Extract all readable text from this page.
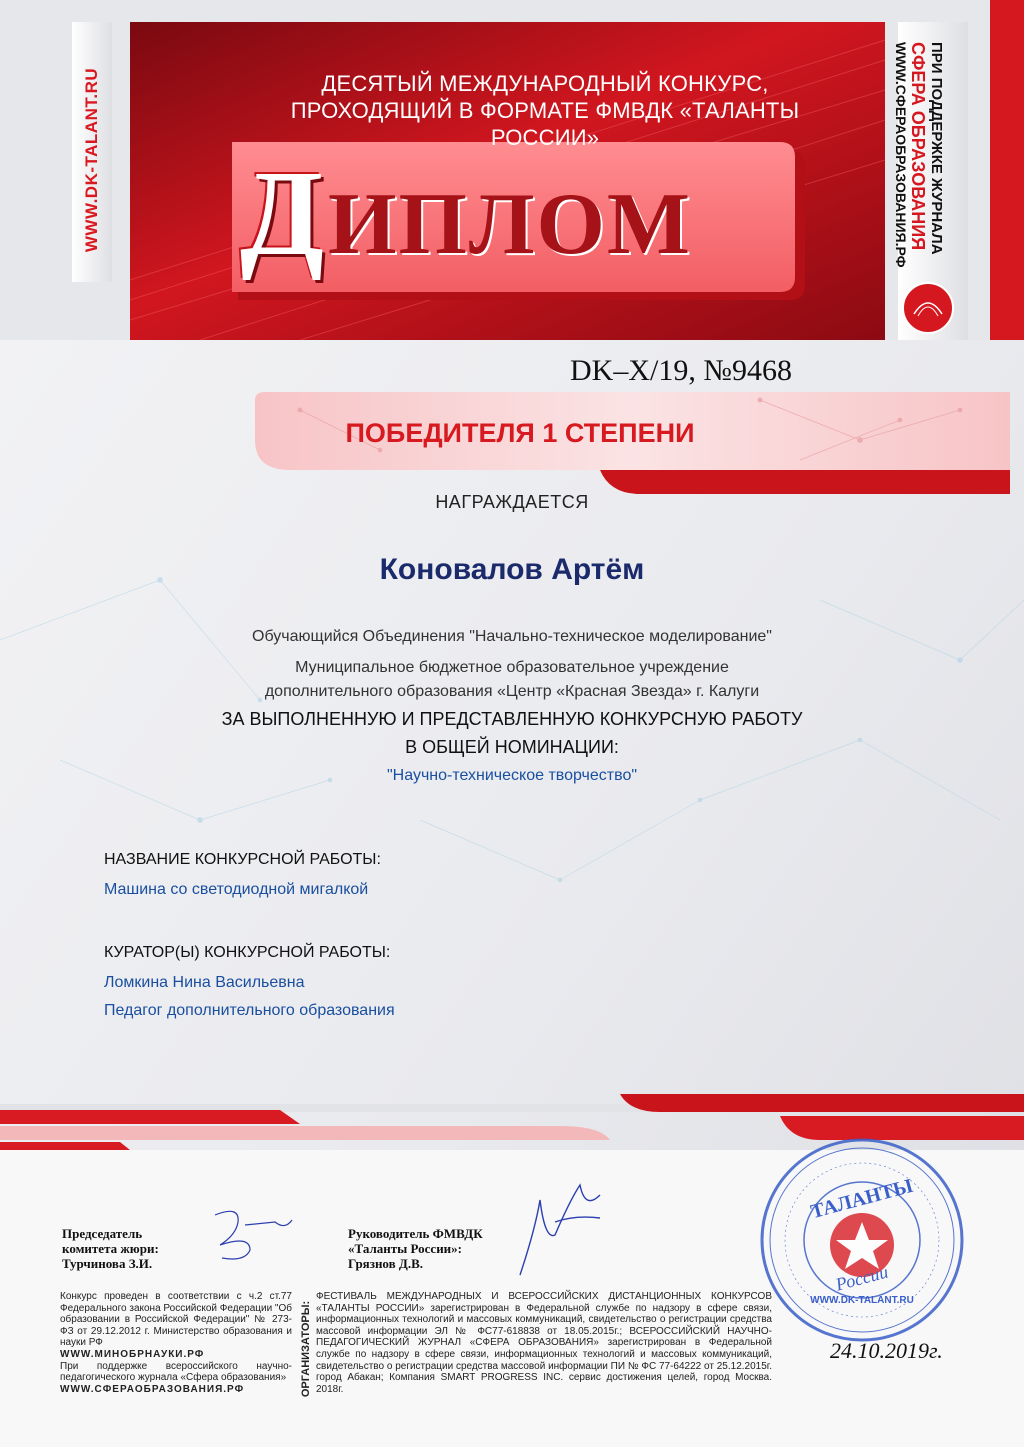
WWW.DK-TALANT.RU	ПРИ ПОДДЕРЖКЕ ЖУРНАЛА
СФЕРА ОБРАЗОВАНИЯ
WWW.СФЕРАОБРАЗОВАНИЯ.РФ
ДЕСЯТЫЙ МЕЖДУНАРОДНЫЙ КОНКУРС,
ПРОХОДЯЩИЙ В ФОРМАТЕ ФМВДК «ТАЛАНТЫ РОССИИ»
Д ИПЛОМ
DK–X/19, №9468
ПОБЕДИТЕЛЯ 1 СТЕПЕНИ
НАГРАЖДАЕТСЯ
Коновалов Артём
Обучающийся Объединения "Начально-техническое моделирование"
Муниципальное бюджетное образовательное учреждение
дополнительного образования «Центр «Красная Звезда» г. Калуги
ЗА ВЫПОЛНЕННУЮ И ПРЕДСТАВЛЕННУЮ КОНКУРСНУЮ РАБОТУ
В ОБЩЕЙ НОМИНАЦИИ:
"Научно-техническое творчество"
НАЗВАНИЕ КОНКУРСНОЙ РАБОТЫ:
Машина со светодиодной мигалкой
КУРАТОР(Ы) КОНКУРСНОЙ РАБОТЫ:
Ломкина Нина Васильевна
Педагог дополнительного образования
Председатель
комитета жюри:
Турчинова З.И.
Руководитель ФМВДК
«Таланты России»:
Грязнов Д.В.
Конкурс проведен в соответствии с ч.2 ст.77 Федерального закона Российской Федерации "Об образовании в Российской Федерации" № 273-ФЗ от 29.12.2012 г. Министерство образования и науки РФ
WWW.МИНОБРНАУКИ.РФ
При поддержке всероссийского научно-педагогического журнала «Сфера образования»
WWW.СФЕРАОБРАЗОВАНИЯ.РФ	ОРГАНИЗАТОРЫ:
ФЕСТИВАЛЬ МЕЖДУНАРОДНЫХ И ВСЕРОССИЙСКИХ ДИСТАНЦИОННЫХ КОНКУРСОВ «ТАЛАНТЫ РОССИИ» зарегистрирован в Федеральной службе по надзору в сфере связи, информационных технологий и массовых коммуникаций, свидетельство о регистрации средства массовой информации ЭЛ № ФС77-618838 от 18.05.2015г.; ВСЕРОССИЙСКИЙ НАУЧНО-ПЕДАГОГИЧЕСКИЙ ЖУРНАЛ «СФЕРА ОБРАЗОВАНИЯ» зарегистрирован в Федеральной службе по надзору в сфере связи, информационных технологий и массовых коммуникаций, свидетельство о регистрации средства массовой информации ПИ № ФС 77-64222 от 25.12.2015г. город Абакан; Компания SMART PROGRESS INC. сервис достижения целей, город Москва. 2018г.
ТАЛАНТЫ
России
WWW.DK-TALANT.RU
24.10.2019г.
